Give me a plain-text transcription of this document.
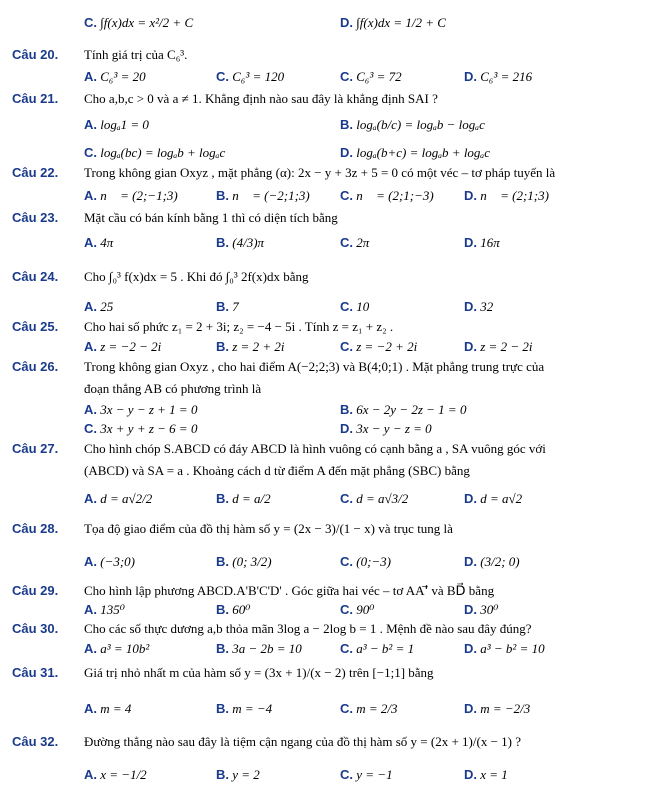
C. ∫f(x)dx = x²/2 + C	D. ∫f(x)dx = 1/2 + C
Câu 20. Tính giá trị của C₆³.
A. C₆³ = 20	C. C₆³ = 120	C. C₆³ = 72	D. C₆³ = 216
Câu 21. Cho a,b,c > 0 và a ≠ 1. Khẳng định nào sau đây là khẳng định SAI ?
A. logₐ1 = 0	B. logₐ(b/c) = logₐb − logₐc
C. logₐ(bc) = logₐb + logₐc	D. logₐ(b+c) = logₐb + logₐc
Câu 22. Trong không gian Oxyz , mặt phẳng (α): 2x − y + 3z + 5 = 0 có một véc – tơ pháp tuyến là
A. n⃗ = (2;−1;3)	B. n⃗ = (−2;1;3) C. n⃗ = (2;1;−3) D. n⃗ = (2;1;3)
Câu 23. Mặt cầu có bán kính bằng 1 thì có diện tích bằng
A. 4π	B. (4/3)π	C. 2π	D. 16π
Câu 24. Cho ∫₀³ f(x)dx = 5 . Khi đó ∫₀³ 2f(x)dx bằng
A. 25	B. 7	C. 10	D. 32
Câu 25. Cho hai số phức z₁ = 2 + 3i; z₂ = −4 − 5i . Tính z = z₁ + z₂ .
A. z = −2 − 2i	B. z = 2 + 2i	C. z = −2 + 2i	D. z = 2 − 2i
Câu 26. Trong không gian Oxyz , cho hai điểm A(−2;2;3) và B(4;0;1) . Mặt phẳng trung trực của
đoạn thẳng AB có phương trình là
A. 3x − y − z + 1 = 0	B. 6x − 2y − 2z − 1 = 0
C. 3x + y + z − 6 = 0	D. 3x − y − z = 0
Câu 27. Cho hình chóp S.ABCD có đáy ABCD là hình vuông có cạnh bằng a , SA vuông góc với
(ABCD) và SA = a . Khoảng cách d từ điểm A đến mặt phẳng (SBC) bằng
A. d = a√2/2	B. d = a/2	C. d = a√3/2	D. d = a√2
Câu 28. Tọa độ giao điểm của đồ thị hàm số y = (2x − 3)/(1 − x) và trục tung là
A. (−3;0)	B. (0; 3/2)	C. (0;−3)	D. (3/2; 0)
Câu 29. Cho hình lập phương ABCD.A'B'C'D' . Góc giữa hai véc – tơ AA'⃗ và BD⃗ bằng
A. 135⁰	B. 60⁰	C. 90⁰	D. 30⁰
Câu 30. Cho các số thực dương a,b thỏa mãn 3log a − 2log b = 1 . Mệnh đề nào sau đây đúng?
A. a³ = 10b²	B. 3a − 2b = 10	C. a³ − b² = 1	D. a³ − b² = 10
Câu 31. Giá trị nhỏ nhất m của hàm số y = (3x + 1)/(x − 2) trên [−1;1] bằng
A. m = 4	B. m = −4	C. m = 2/3	D. m = −2/3
Câu 32. Đường thẳng nào sau đây là tiệm cận ngang của đồ thị hàm số y = (2x + 1)/(x − 1) ?
A. x = −1/2	B. y = 2	C. y = −1	D. x = 1
